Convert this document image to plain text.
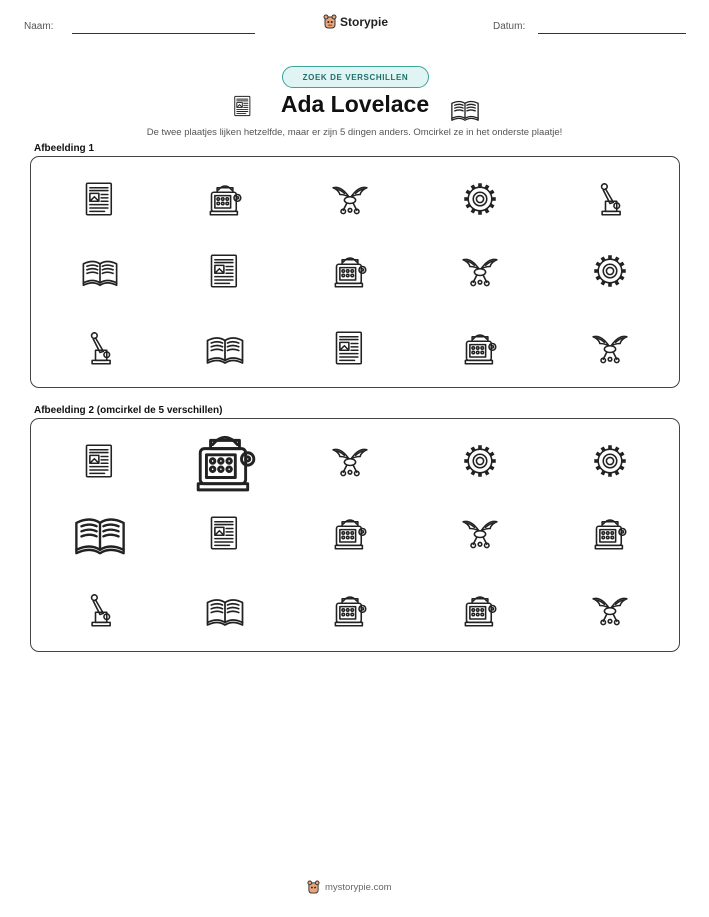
Naam:	Storypie	Datum:
ZOEK DE VERSCHILLEN
Ada Lovelace
De twee plaatjes lijken hetzelfde, maar er zijn 5 dingen anders. Omcirkel ze in het onderste plaatje!
Afbeelding 1
Afbeelding 2 (omcirkel de 5 verschillen)
mystorypie.com
